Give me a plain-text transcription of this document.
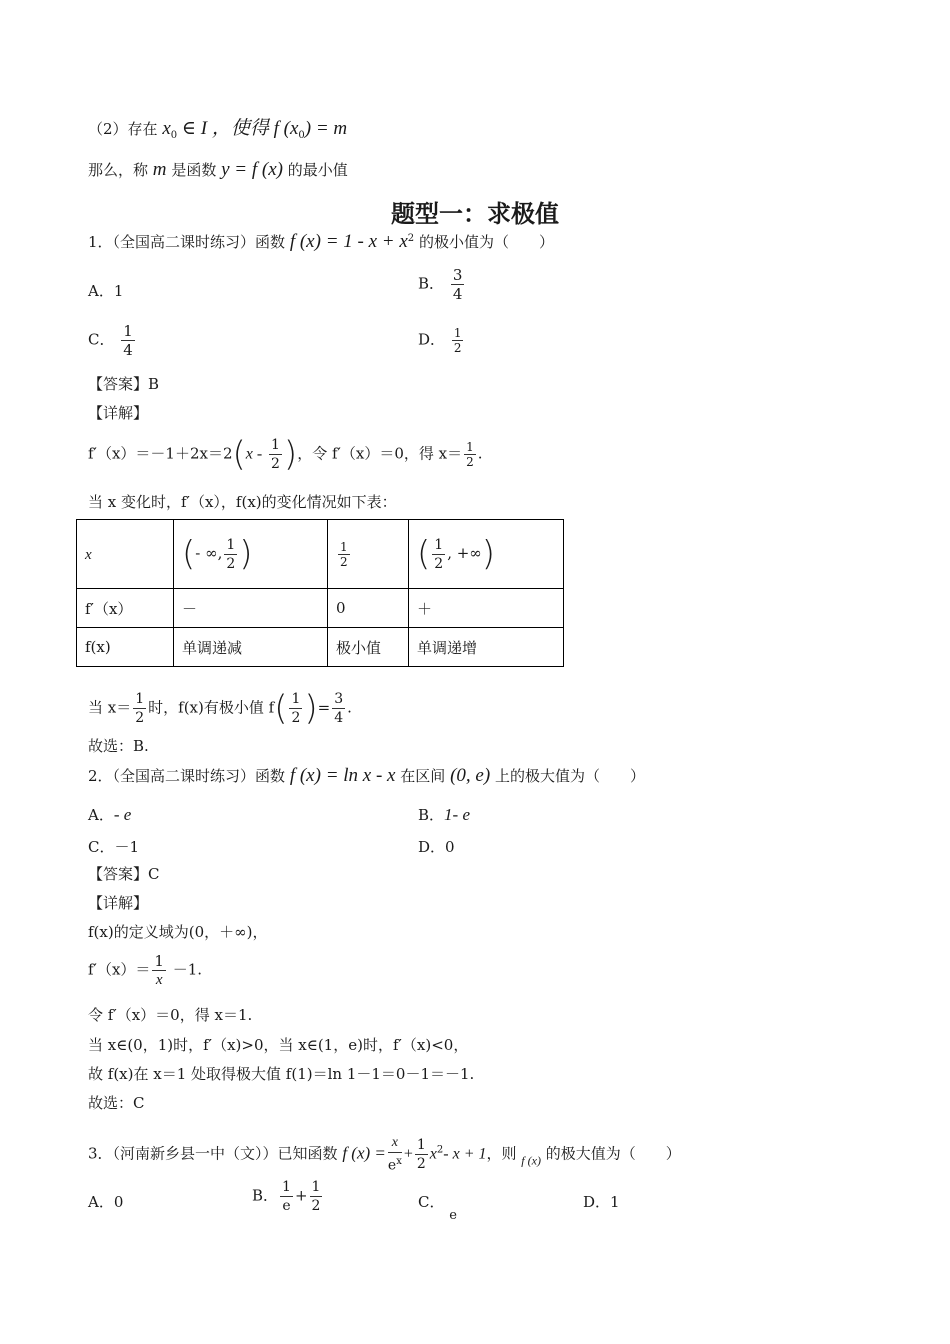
（2）存在 $x_0$ ∈ I ，使得 f $(x_0) = m$
那么，称 m 是函数 y = f (x) 的最小值
题型一：求极值
1．（全国高二课时练习）函数 f $(x) = 1 - x + x^2$ 的极小值为（　　）
A．1	B． $\frac{3}{4}$
C． $\frac{1}{4}$	D． $\frac{1}{2}$
【答案】B
【详解】
$f'(x)=-1+2x=2(x - \frac{1}{2}$ )，令 f′（x）＝0，得 $x= \frac{1}{2}$ .
当 x 变化时，f′（x），f(x)的变化情况如下表：
x	(- ∞, $\frac{1}{2}$ )	$\frac{1}{2}$	( $\frac{1}{2}$ , +∞)
f′（x）	－	0	＋
f(x)	单调递减	极小值	单调递增
当 $x= \frac{1}{2}$ 时，f(x)有极小值 $f( \frac{1}{2}$ )= $\frac{3}{4}$ .
故选：B.
2．（全国高二课时练习）函数 f (x) = ln x - x 在区间 (0, e) 上的极大值为（　　）
A．- e	B．1- e
C．－1	D．0
【答案】C
【详解】
f(x)的定义域为(0，＋∞)，
$f'(x)= \frac{1}{x} -1$.
令 f′（x）＝0，得 x＝1.
当 x∈(0，1)时，f′（x)>0，当 x∈(1，e)时，f′（x)<0，
故 f(x)在 x＝1 处取得极大值 f(1)＝ln 1－1＝0－1＝－1.
故选：C
3．（河南新乡县一中（文））已知函数 f $(x) = \frac{x}{e^x} + \frac{1}{2} x^2-$ x + 1，则 $_{f (x)}$ 的极大值为（　　）
A．0	B． $\frac{1}{e} + \frac{1}{2}$	C． e
D．1
